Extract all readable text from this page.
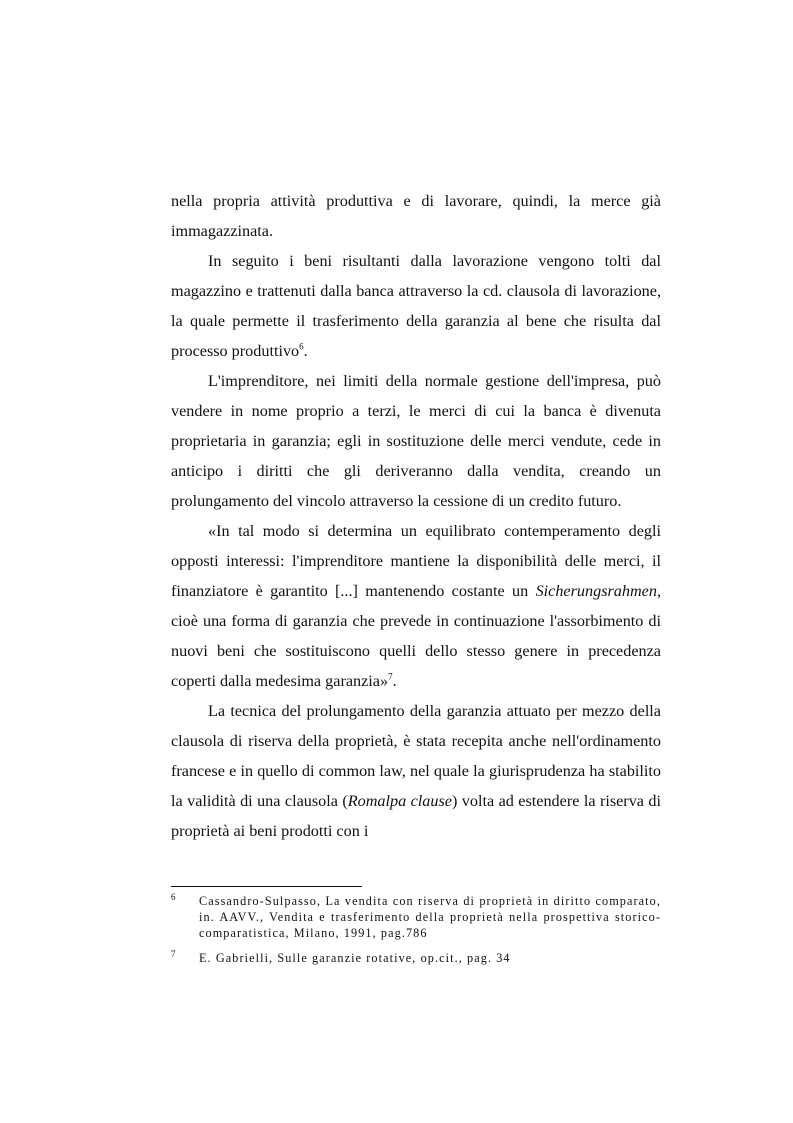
nella propria attività produttiva e di lavorare, quindi, la merce già immagazzinata.

In seguito i beni risultanti dalla lavorazione vengono tolti dal magazzino e trattenuti dalla banca attraverso la cd. clausola di lavorazione, la quale permette il trasferimento della garanzia al bene che risulta dal processo produttivo$^6$.

L'imprenditore, nei limiti della normale gestione dell'impresa, può vendere in nome proprio a terzi, le merci di cui la banca è divenuta proprietaria in garanzia; egli in sostituzione delle merci vendute, cede in anticipo i diritti che gli deriveranno dalla vendita, creando un prolungamento del vincolo attraverso la cessione di un credito futuro.

«In tal modo si determina un equilibrato contemperamento degli opposti interessi: l'imprenditore mantiene la disponibilità delle merci, il finanziatore è garantito [...] mantenendo costante un Sicherungsrahmen, cioè una forma di garanzia che prevede in continuazione l'assorbimento di nuovi beni che sostituiscono quelli dello stesso genere in precedenza coperti dalla medesima garanzia»$^7$.

La tecnica del prolungamento della garanzia attuato per mezzo della clausola di riserva della proprietà, è stata recepita anche nell'ordinamento francese e in quello di common law, nel quale la giurisprudenza ha stabilito la validità di una clausola (Romalpa clause) volta ad estendere la riserva di proprietà ai beni prodotti con i

6 Cassandro-Sulpasso, La vendita con riserva di proprietà in diritto comparato, in. AAVV., Vendita e trasferimento della proprietà nella prospettiva storico-comparatistica, Milano, 1991, pag.786
7 E. Gabrielli, Sulle garanzie rotative, op.cit., pag. 34
